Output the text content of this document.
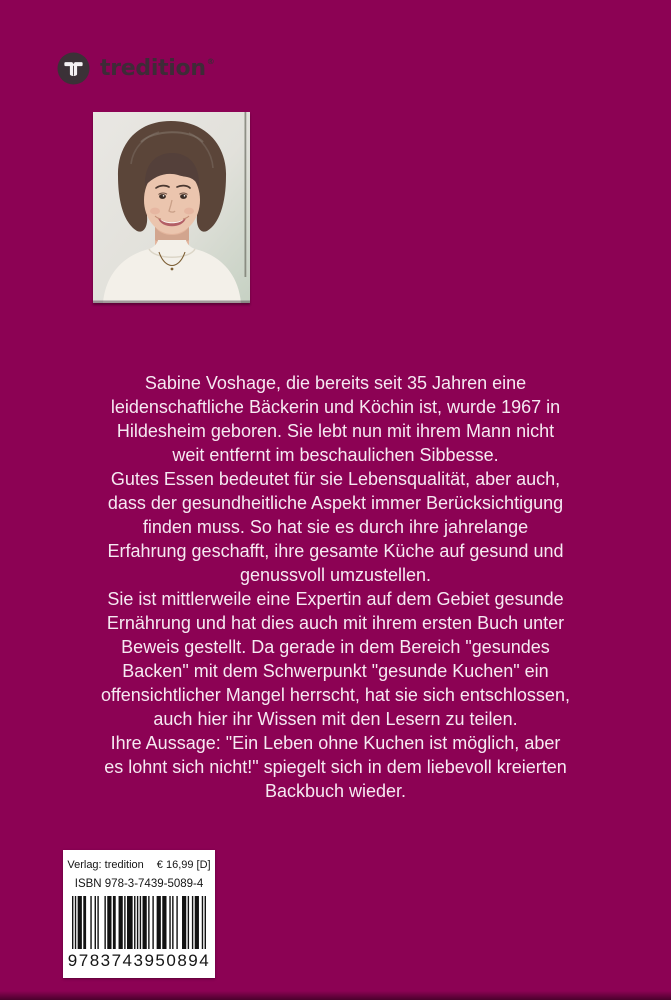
tredition®
Sabine Voshage, die bereits seit 35 Jahren eine
leidenschaftliche Bäckerin und Köchin ist, wurde 1967 in
Hildesheim geboren. Sie lebt nun mit ihrem Mann nicht
weit entfernt im beschaulichen Sibbesse.
Gutes Essen bedeutet für sie Lebensqualität, aber auch,
dass der gesundheitliche Aspekt immer Berücksichtigung
finden muss. So hat sie es durch ihre jahrelange
Erfahrung geschafft, ihre gesamte Küche auf gesund und
genussvoll umzustellen.
Sie ist mittlerweile eine Expertin auf dem Gebiet gesunde
Ernährung und hat dies auch mit ihrem ersten Buch unter
Beweis gestellt. Da gerade in dem Bereich "gesundes
Backen" mit dem Schwerpunkt "gesunde Kuchen" ein
offensichtlicher Mangel herrscht, hat sie sich entschlossen,
auch hier ihr Wissen mit den Lesern zu teilen.
Ihre Aussage: "Ein Leben ohne Kuchen ist möglich, aber
es lohnt sich nicht!" spiegelt sich in dem liebevoll kreierten
Backbuch wieder.
Verlag: tredition € 16,99 [D]
ISBN 978-3-7439-5089-4
9783743950894
